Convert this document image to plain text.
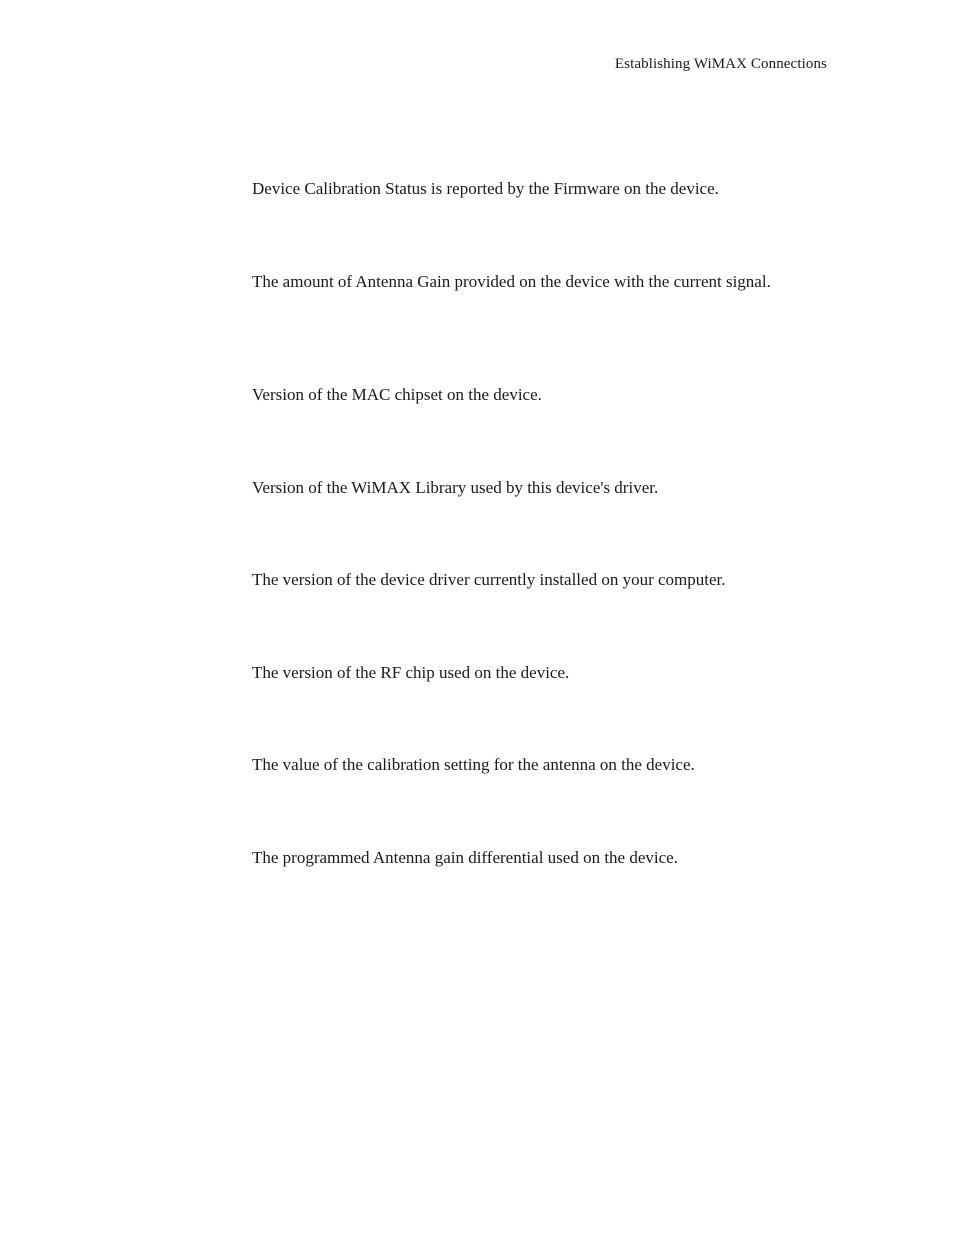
Establishing WiMAX Connections

Device Calibration Status is reported by the Firmware on the device.

The amount of Antenna Gain provided on the device with the current signal.

Version of the MAC chipset on the device.

Version of the WiMAX Library used by this device's driver.

The version of the device driver currently installed on your computer.

The version of the RF chip used on the device.

The value of the calibration setting for the antenna on the device.

The programmed Antenna gain differential used on the device.
